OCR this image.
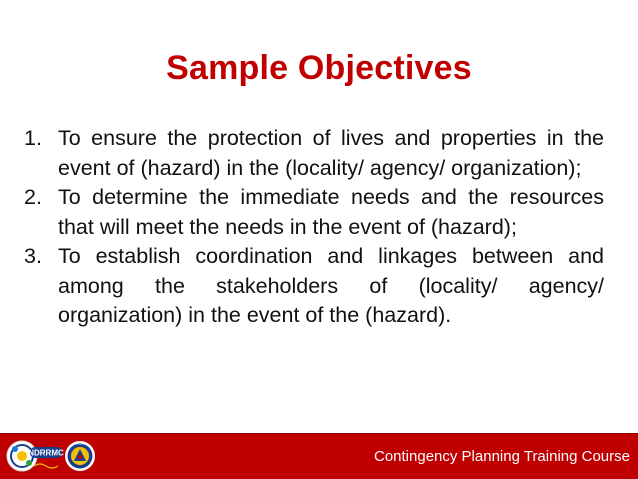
Sample Objectives
1. To ensure the protection of lives and properties in the event of (hazard) in the (locality/ agency/ organization);
2. To determine the immediate needs and the resources that will meet the needs in the event of (hazard);
3. To establish coordination and linkages between and among the stakeholders of (locality/ agency/ organization) in the event of the (hazard).
NDRRMC
OCD
Contingency Planning Training Course
